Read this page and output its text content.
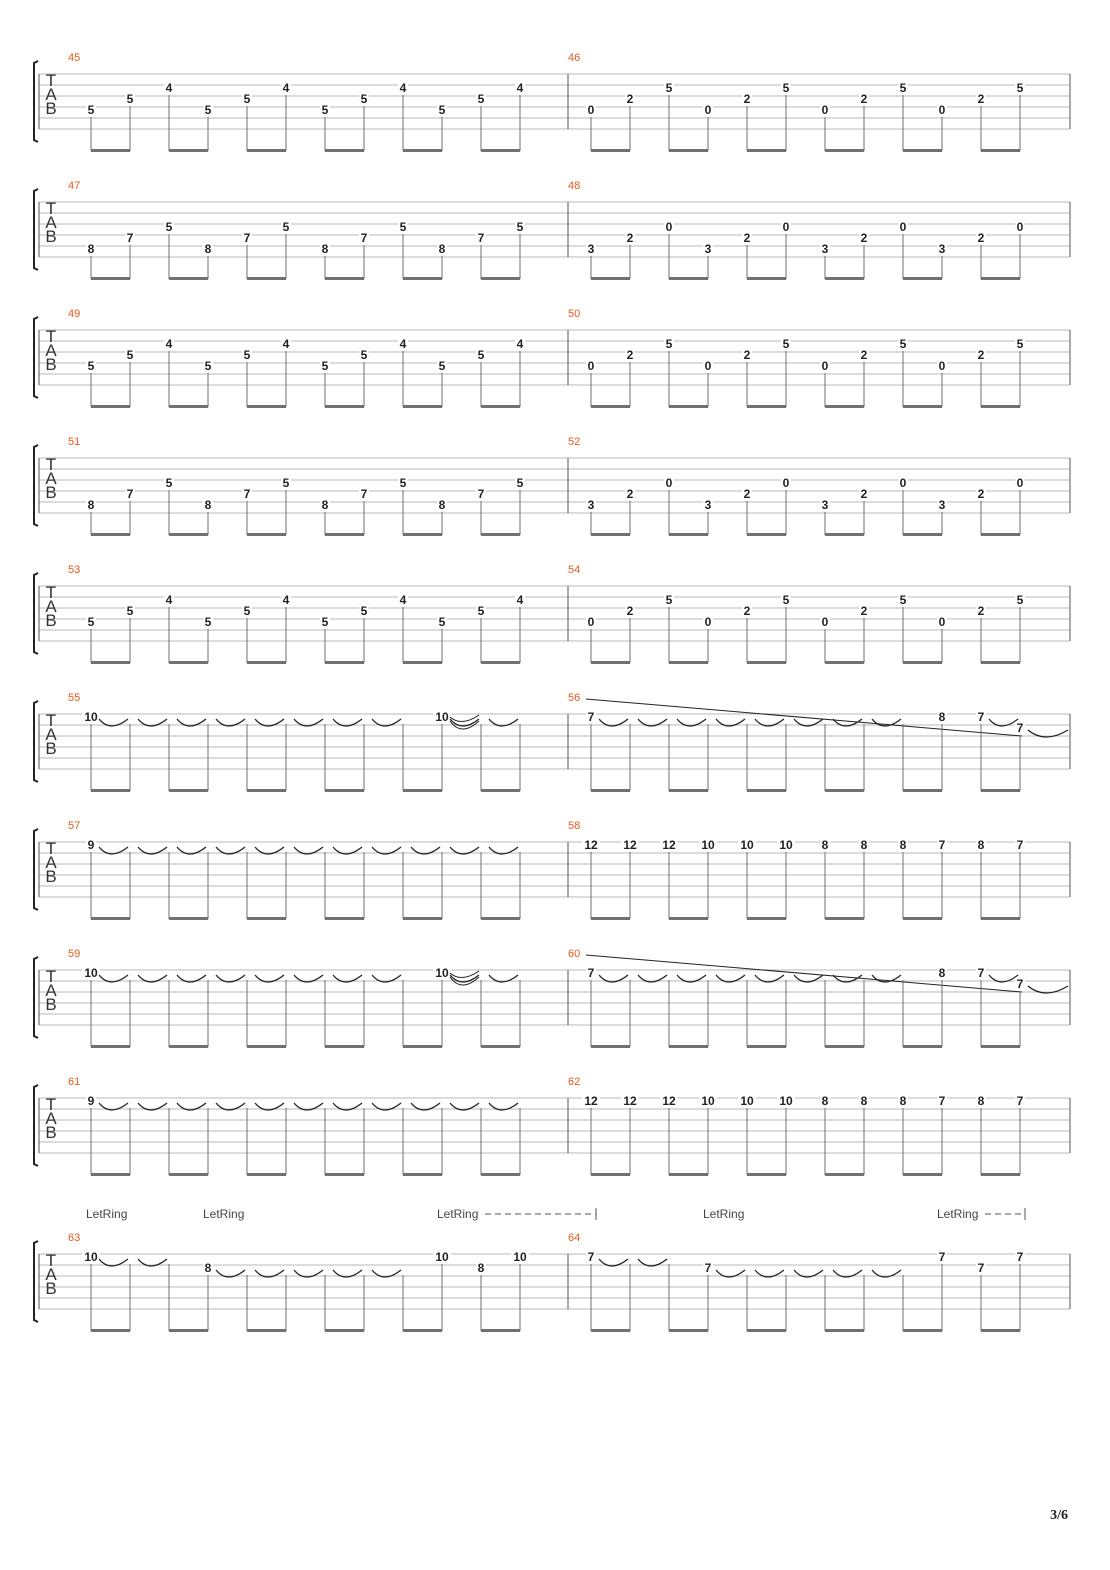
T
A
B
45
5
5
4
5
5
4
5
5
4
5
5
4
46
0
2
5
0
2
5
0
2
5
0
2
5
T
A
B
47
8
7
5
8
7
5
8
7
5
8
7
5
48
3
2
0
3
2
0
3
2
0
3
2
0
T
A
B
49
5
5
4
5
5
4
5
5
4
5
5
4
50
0
2
5
0
2
5
0
2
5
0
2
5
T
A
B
51
8
7
5
8
7
5
8
7
5
8
7
5
52
3
2
0
3
2
0
3
2
0
3
2
0
T
A
B
53
5
5
4
5
5
4
5
5
4
5
5
4
54
0
2
5
0
2
5
0
2
5
0
2
5
T
A
B
55
10	10
56
7	8	7
7
T
A
B
57
9
58
12 12 12 10 10 10 8	8	8	7	8	7
T
A
B
59
10	10
60
7	8	7
7
T
A
B
61
9
62
12 12 12 10 10 10 8	8	8	7	8	7
T
A
B
63
10
8
10
8
10
64
7
7
7
7
7
LetRing	LetRing	LetRing	LetRing	LetRing
3/6
